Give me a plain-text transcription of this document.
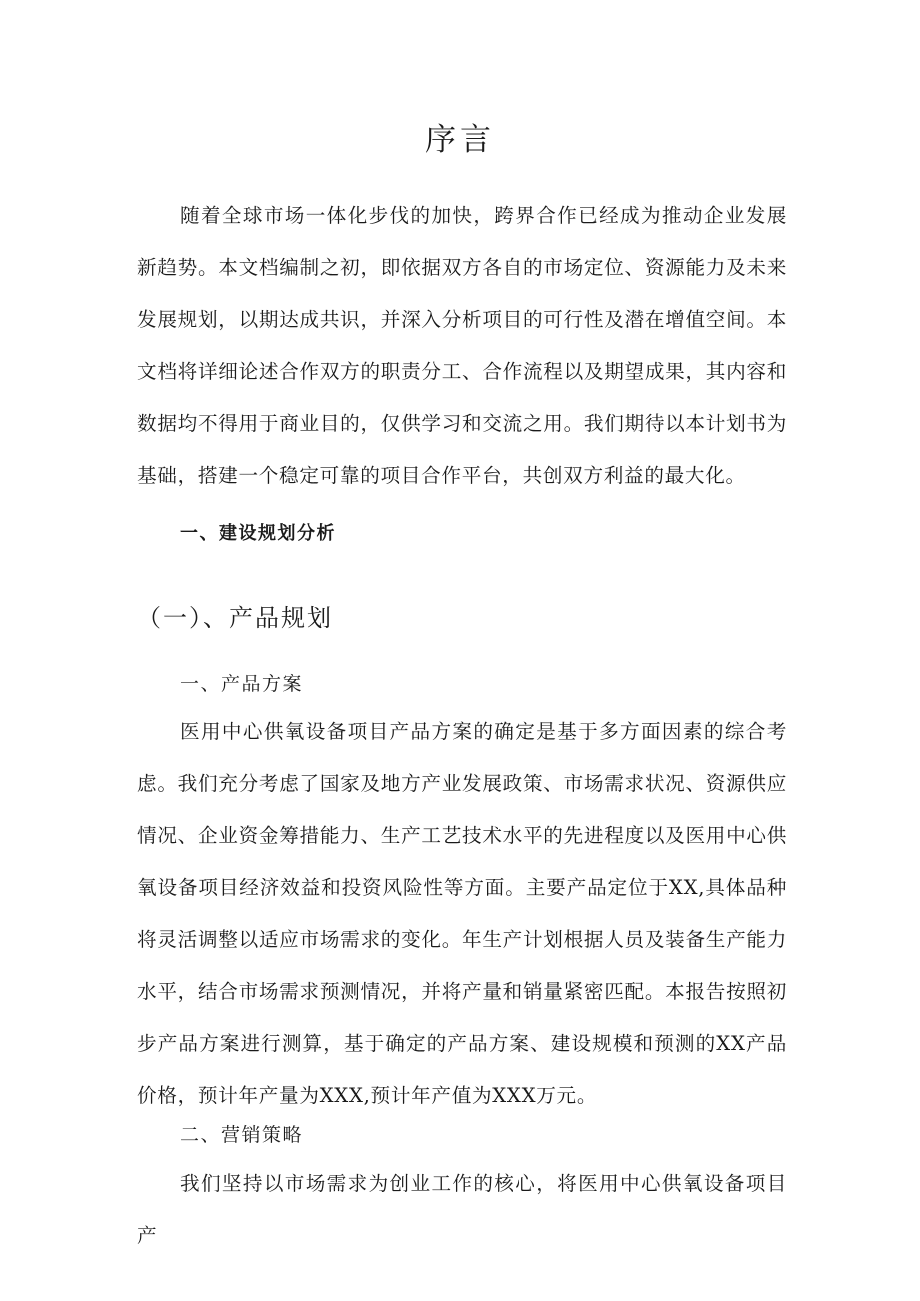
序言
随着全球市场一体化步伐的加快，跨界合作已经成为推动企业发展新趋势。本文档编制之初，即依据双方各自的市场定位、资源能力及未来发展规划，以期达成共识，并深入分析项目的可行性及潜在增值空间。本文档将详细论述合作双方的职责分工、合作流程以及期望成果，其内容和数据均不得用于商业目的，仅供学习和交流之用。我们期待以本计划书为基础，搭建一个稳定可靠的项目合作平台，共创双方利益的最大化。
一、建设规划分析
（一）、产品规划
一、产品方案
医用中心供氧设备项目产品方案的确定是基于多方面因素的综合考虑。我们充分考虑了国家及地方产业发展政策、市场需求状况、资源供应情况、企业资金筹措能力、生产工艺技术水平的先进程度以及医用中心供氧设备项目经济效益和投资风险性等方面。主要产品定位于XX,具体品种将灵活调整以适应市场需求的变化。年生产计划根据人员及装备生产能力水平，结合市场需求预测情况，并将产量和销量紧密匹配。本报告按照初步产品方案进行测算，基于确定的产品方案、建设规模和预测的XX产品价格，预计年产量为XXX,预计年产值为XXX万元。
二、营销策略
我们坚持以市场需求为创业工作的核心，将医用中心供氧设备项目产
